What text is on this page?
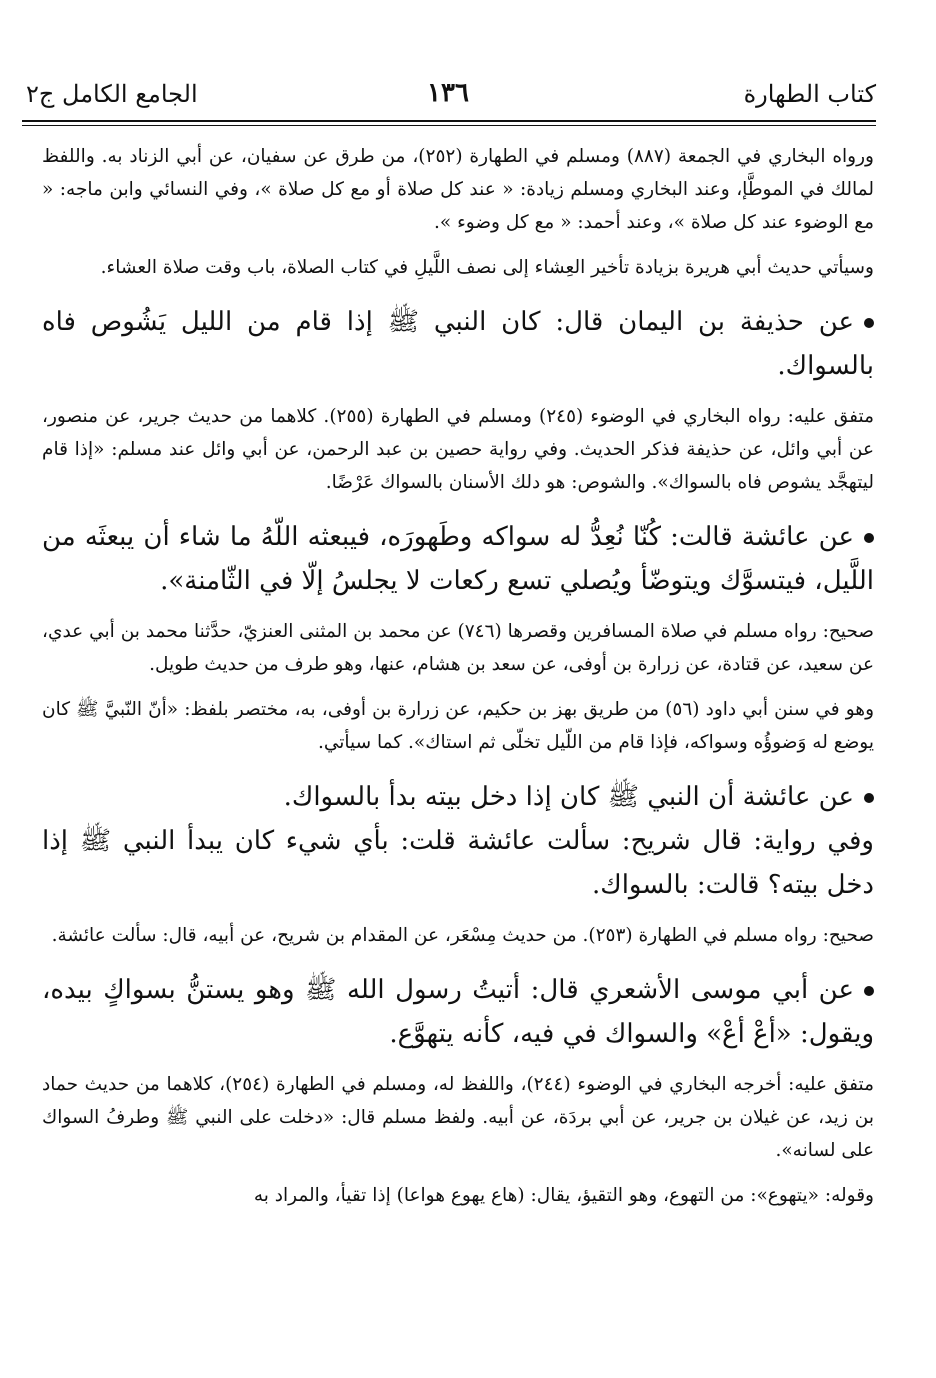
الجامع الكامل ج٢	١٣٦	كتاب الطهارة

ورواه البخاري في الجمعة (٨٨٧) ومسلم في الطهارة (٢٥٢)، من طرق عن سفيان، عن أبي الزناد به. واللفظ لمالك في الموطَّإ، وعند البخاري ومسلم زيادة: « عند كل صلاة أو مع كل صلاة »، وفي النسائي وابن ماجه: « مع الوضوء عند كل صلاة »، وعند أحمد: « مع كل وضوء ».

وسيأتي حديث أبي هريرة بزيادة تأخير العِشاء إلى نصف اللَّيلِ في كتاب الصلاة، باب وقت صلاة العشاء.

عن حذيفة بن اليمان قال: كان النبي ﷺ إذا قام من الليل يَشُوص فاه بالسواك.

متفق عليه: رواه البخاري في الوضوء (٢٤٥) ومسلم في الطهارة (٢٥٥). كلاهما من حديث جرير، عن منصور، عن أبي وائل، عن حذيفة فذكر الحديث. وفي رواية حصين بن عبد الرحمن، عن أبي وائل عند مسلم: «إذا قام ليتهجَّد يشوص فاه بالسواك». والشوص: هو دلك الأسنان بالسواك عَرْضًا.

عن عائشة قالت: كُنّا نُعِدُّ له سواكه وطَهورَه، فيبعثه اللّهُ ما شاء أن يبعثَه من اللَّيل، فيتسوَّك ويتوضّأ ويُصلي تسع ركعات لا يجلسُ إلّا في الثّامنة».

صحيح: رواه مسلم في صلاة المسافرين وقصرها (٧٤٦) عن محمد بن المثنى العنزيّ، حدَّثنا محمد بن أبي عدي، عن سعيد، عن قتادة، عن زرارة بن أوفى، عن سعد بن هشام، عنها، وهو طرف من حديث طويل.

وهو في سنن أبي داود (٥٦) من طريق بهز بن حكيم، عن زرارة بن أوفى، به، مختصر بلفظ: «أنّ النّبيَّ ﷺ كان يوضع له وَضوؤُه وسواكه، فإذا قام من اللّيل تخلّى ثم استاك». كما سيأتي.

عن عائشة أن النبي ﷺ كان إذا دخل بيته بدأ بالسواك.

وفي رواية: قال شريح: سألت عائشة قلت: بأي شيء كان يبدأ النبي ﷺ إذا دخل بيته؟ قالت: بالسواك.

صحيح: رواه مسلم في الطهارة (٢٥٣). من حديث مِسْعَر، عن المقدام بن شريح، عن أبيه، قال: سألت عائشة.

عن أبي موسى الأشعري قال: أتيتُ رسول الله ﷺ وهو يستنُّ بسواكٍ بيده، ويقول: «أعْ أعْ» والسواك في فيه، كأنه يتهوَّع.

متفق عليه: أخرجه البخاري في الوضوء (٢٤٤)، واللفظ له، ومسلم في الطهارة (٢٥٤)، كلاهما من حديث حماد بن زيد، عن غيلان بن جرير، عن أبي بردَة، عن أبيه. ولفظ مسلم قال: «دخلت على النبي ﷺ وطرفُ السواك على لسانه».

وقوله: «يتهوع»: من التهوع، وهو التقيؤ، يقال: (هاع يهوع هواعا) إذا تقيأ، والمراد به
